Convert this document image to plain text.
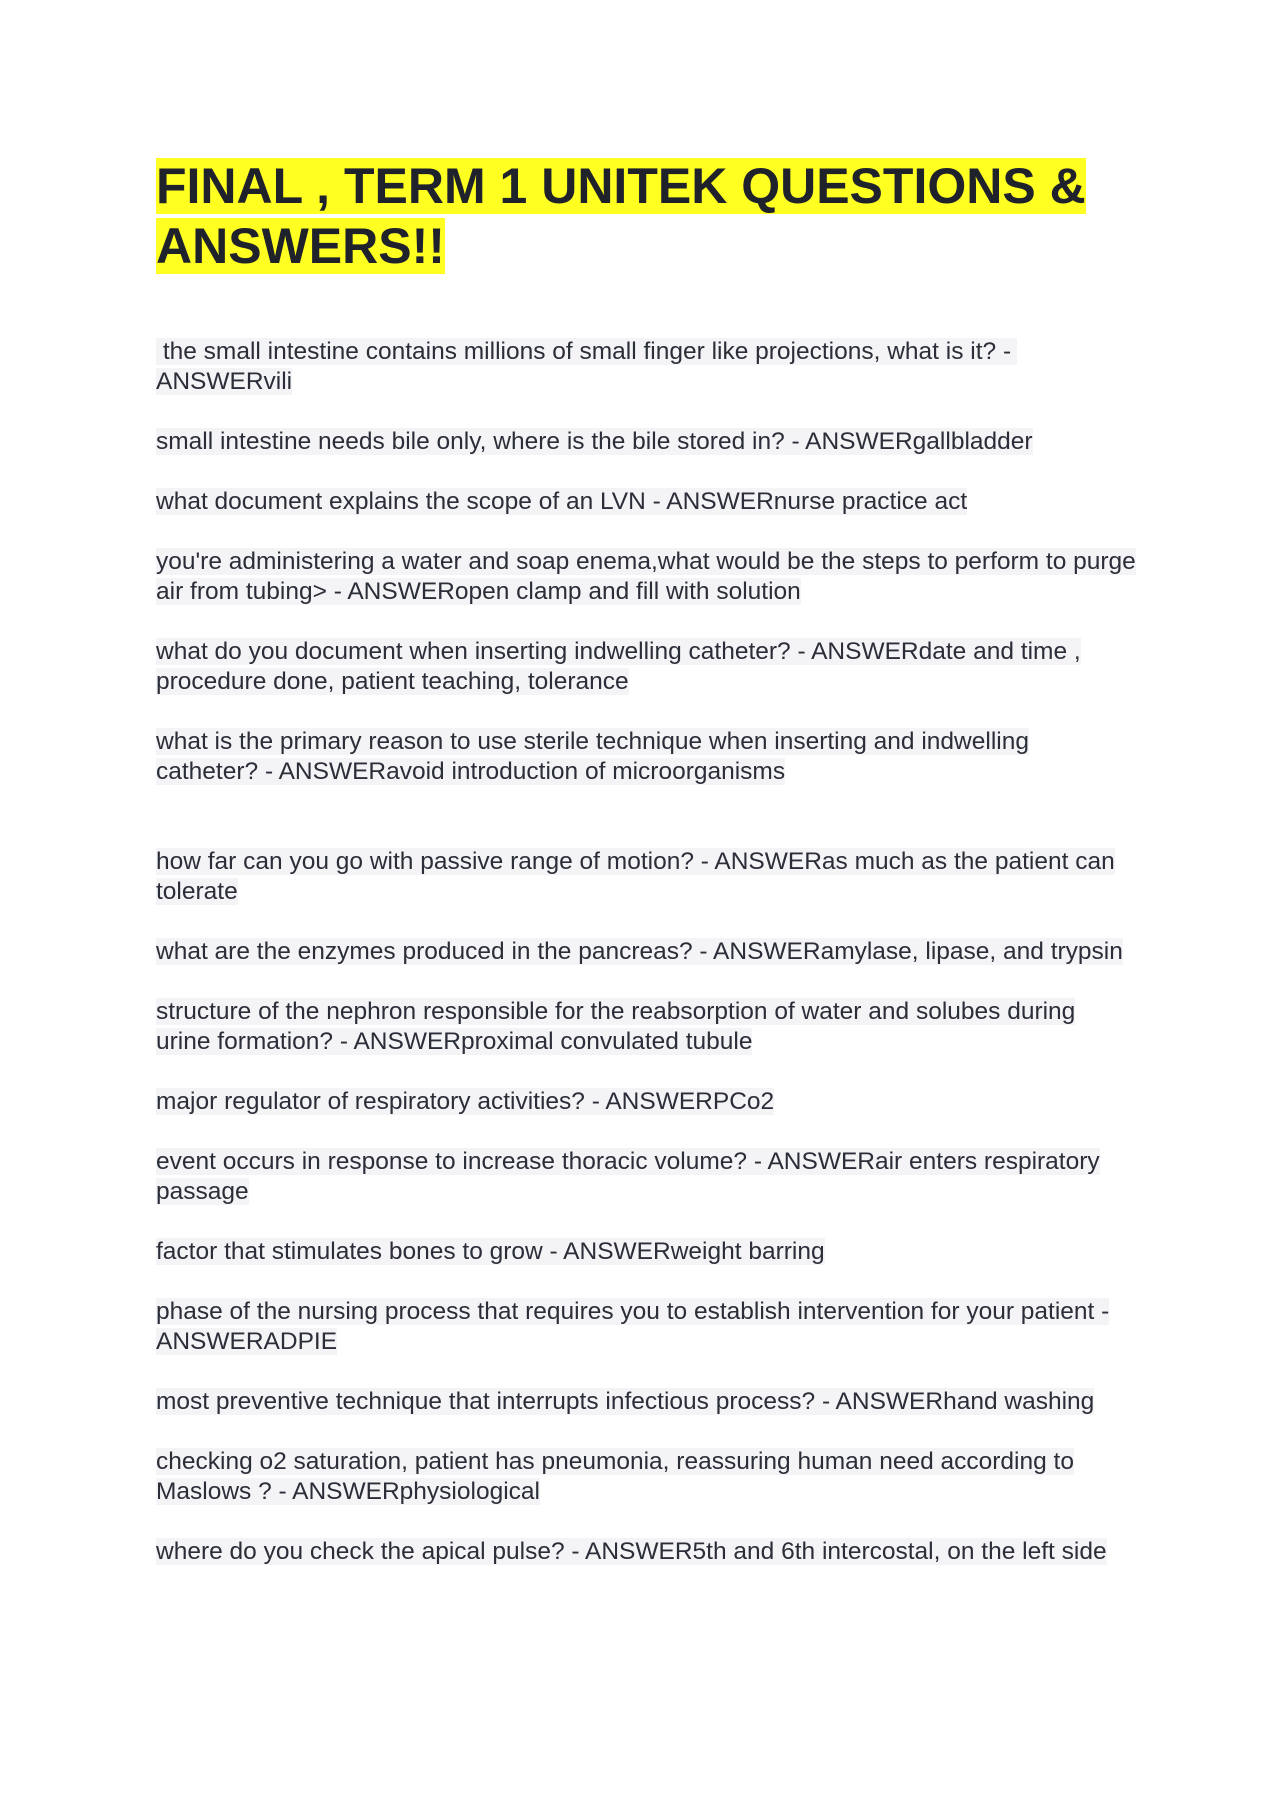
FINAL , TERM 1 UNITEK QUESTIONS & ANSWERS!!

the small intestine contains millions of small finger like projections, what is it? - ANSWERvili

small intestine needs bile only, where is the bile stored in? - ANSWERgallbladder

what document explains the scope of an LVN - ANSWERnurse practice act

you're administering a water and soap enema,what would be the steps to perform to purge air from tubing> - ANSWERopen clamp and fill with solution

what do you document when inserting indwelling catheter? - ANSWERdate and time , procedure done, patient teaching, tolerance

what is the primary reason to use sterile technique when inserting and indwelling catheter? - ANSWERavoid introduction of microorganisms

how far can you go with passive range of motion? - ANSWERas much as the patient can tolerate

what are the enzymes produced in the pancreas? - ANSWERamylase, lipase, and trypsin

structure of the nephron responsible for the reabsorption of water and solubes during urine formation? - ANSWERproximal convulated tubule

major regulator of respiratory activities? - ANSWERPCo2

event occurs in response to increase thoracic volume? - ANSWERair enters respiratory passage

factor that stimulates bones to grow - ANSWERweight barring

phase of the nursing process that requires you to establish intervention for your patient - ANSWERADPIE

most preventive technique that interrupts infectious process? - ANSWERhand washing

checking o2 saturation, patient has pneumonia, reassuring human need according to Maslows ? - ANSWERphysiological

where do you check the apical pulse? - ANSWER5th and 6th intercostal, on the left side
